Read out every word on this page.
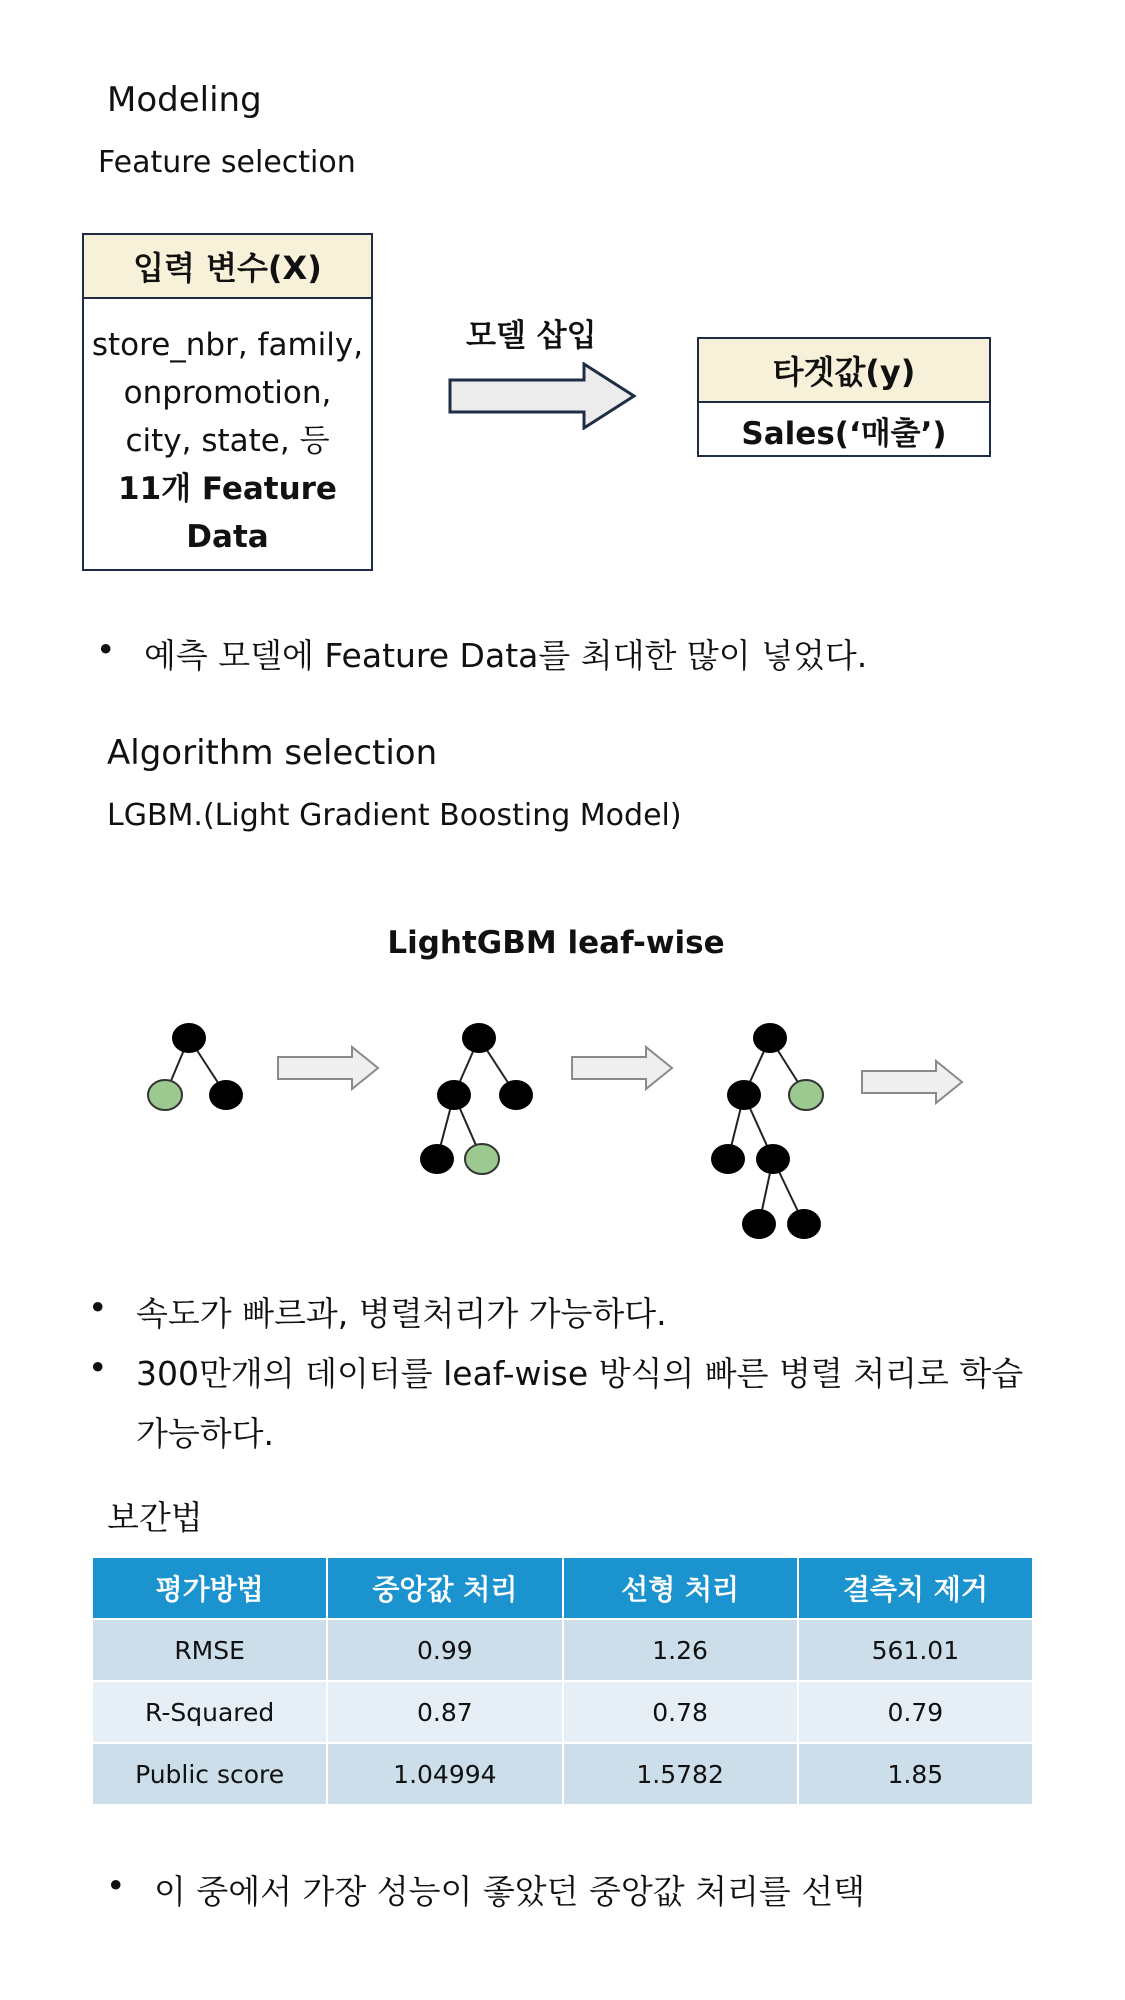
Modeling
Feature selection
입력 변수(X)
store_nbr, family,
onpromotion,
city, state, 등
11개 Feature
Data
모델 삽입
타겟값(y)
Sales(‘매출’)
• 예측 모델에 Feature Data를 최대한 많이 넣었다.
Algorithm selection
LGBM.(Light Gradient Boosting Model)
LightGBM leaf-wise
• 속도가 빠르과, 병렬처리가 가능하다.
• 300만개의 데이터를 leaf-wise 방식의 빠른 병렬 처리로 학습
가능하다.
보간법
평가방법	중앙값 처리	선형 처리	결측치 제거
RMSE	0.99	1.26	561.01
R-Squared	0.87	0.78	0.79
Public score	1.04994	1.5782	1.85
• 이 중에서 가장 성능이 좋았던 중앙값 처리를 선택
